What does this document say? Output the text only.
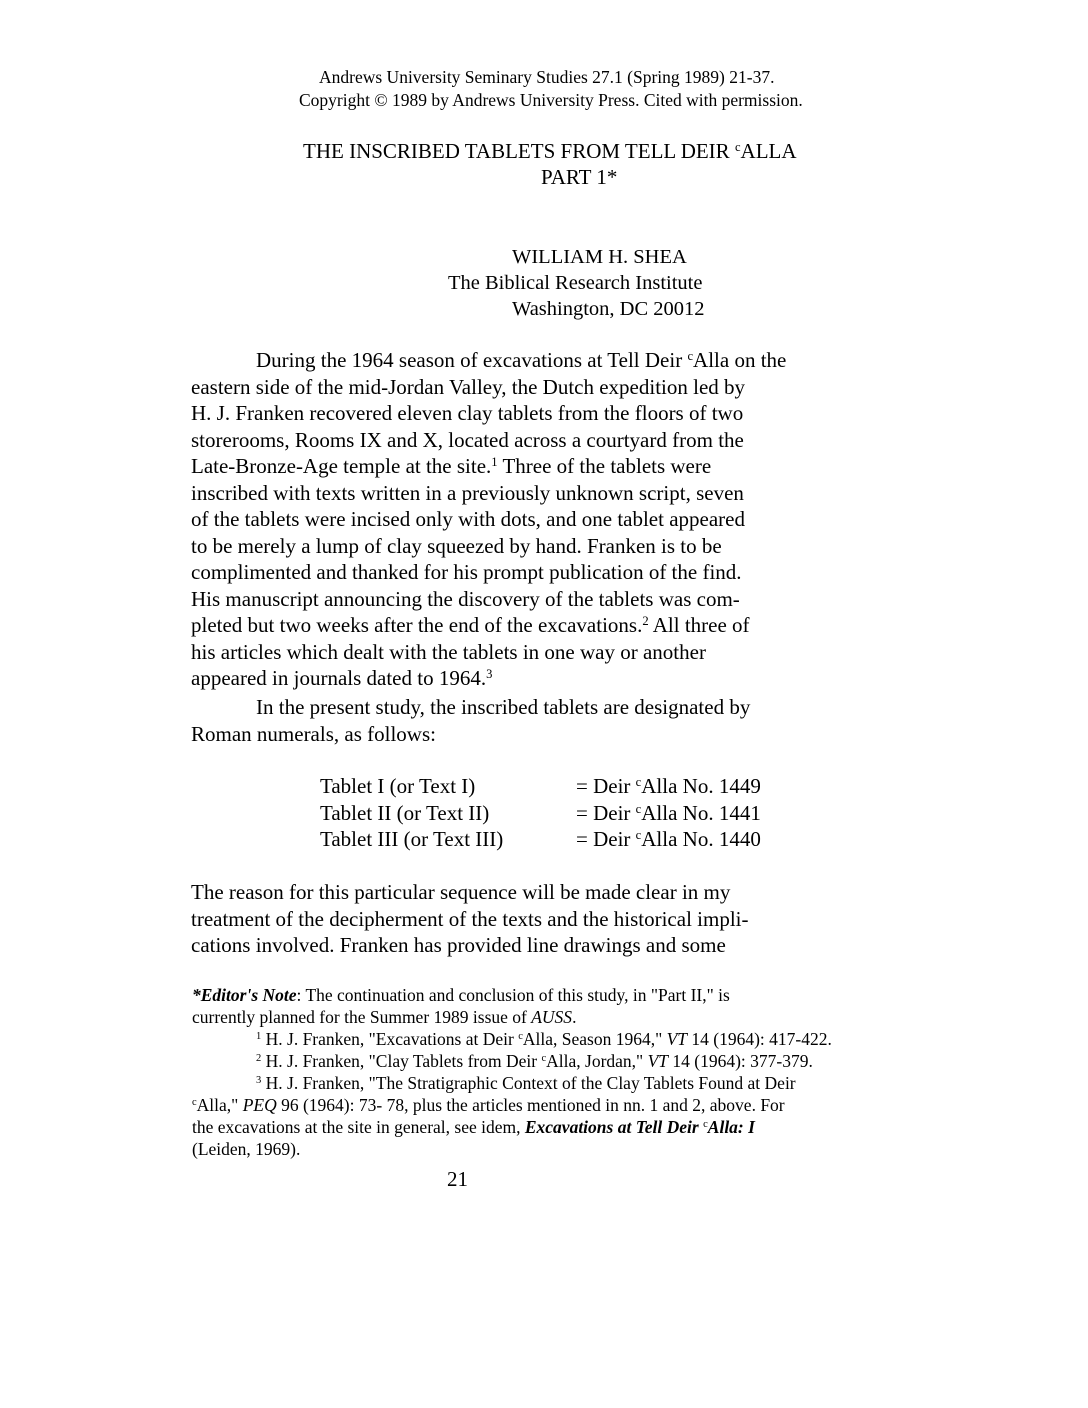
Andrews University Seminary Studies 27.1 (Spring 1989) 21-37.
Copyright © 1989 by Andrews University Press. Cited with permission.
THE INSCRIBED TABLETS FROM TELL DEIR $^c$ALLA
PART 1*
WILLIAM H. SHEA
The Biblical Research Institute
Washington, DC 20012
During the 1964 season of excavations at Tell Deir $^c$Alla on the
eastern side of the mid-Jordan Valley, the Dutch expedition led by
H. J. Franken recovered eleven clay tablets from the floors of two
storerooms, Rooms IX and X, located across a courtyard from the
Late-Bronze-Age temple at the site.$^1$ Three of the tablets were
inscribed with texts written in a previously unknown script, seven
of the tablets were incised only with dots, and one tablet appeared
to be merely a lump of clay squeezed by hand. Franken is to be
complimented and thanked for his prompt publication of the find.
His manuscript announcing the discovery of the tablets was com-
pleted but two weeks after the end of the excavations.$^2$ All three of
his articles which dealt with the tablets in one way or another
appeared in journals dated to 1964.$^3$
In the present study, the inscribed tablets are designated by
Roman numerals, as follows:
Tablet I (or Text I)	= Deir $^c$Alla No. 1449
Tablet II (or Text II)	= Deir $^c$Alla No. 1441
Tablet III (or Text III)	= Deir $^c$Alla No. 1440
The reason for this particular sequence will be made clear in my
treatment of the decipherment of the texts and the historical impli-
cations involved. Franken has provided line drawings and some
*Editor's Note: The continuation and conclusion of this study, in "Part II," is
currently planned for the Summer 1989 issue of AUSS.
$^1$ H. J. Franken, "Excavations at Deir $^c$Alla, Season 1964," VT 14 (1964): 417-422.
$^2$ H. J. Franken, "Clay Tablets from Deir $^c$Alla, Jordan," VT 14 (1964): 377-379.
$^3$ H. J. Franken, "The Stratigraphic Context of the Clay Tablets Found at Deir
$^c$Alla," PEQ 96 (1964): 73- 78, plus the articles mentioned in nn. 1 and 2, above. For
the excavations at the site in general, see idem, Excavations at Tell Deir $^c$Alla: I
(Leiden, 1969).
21
